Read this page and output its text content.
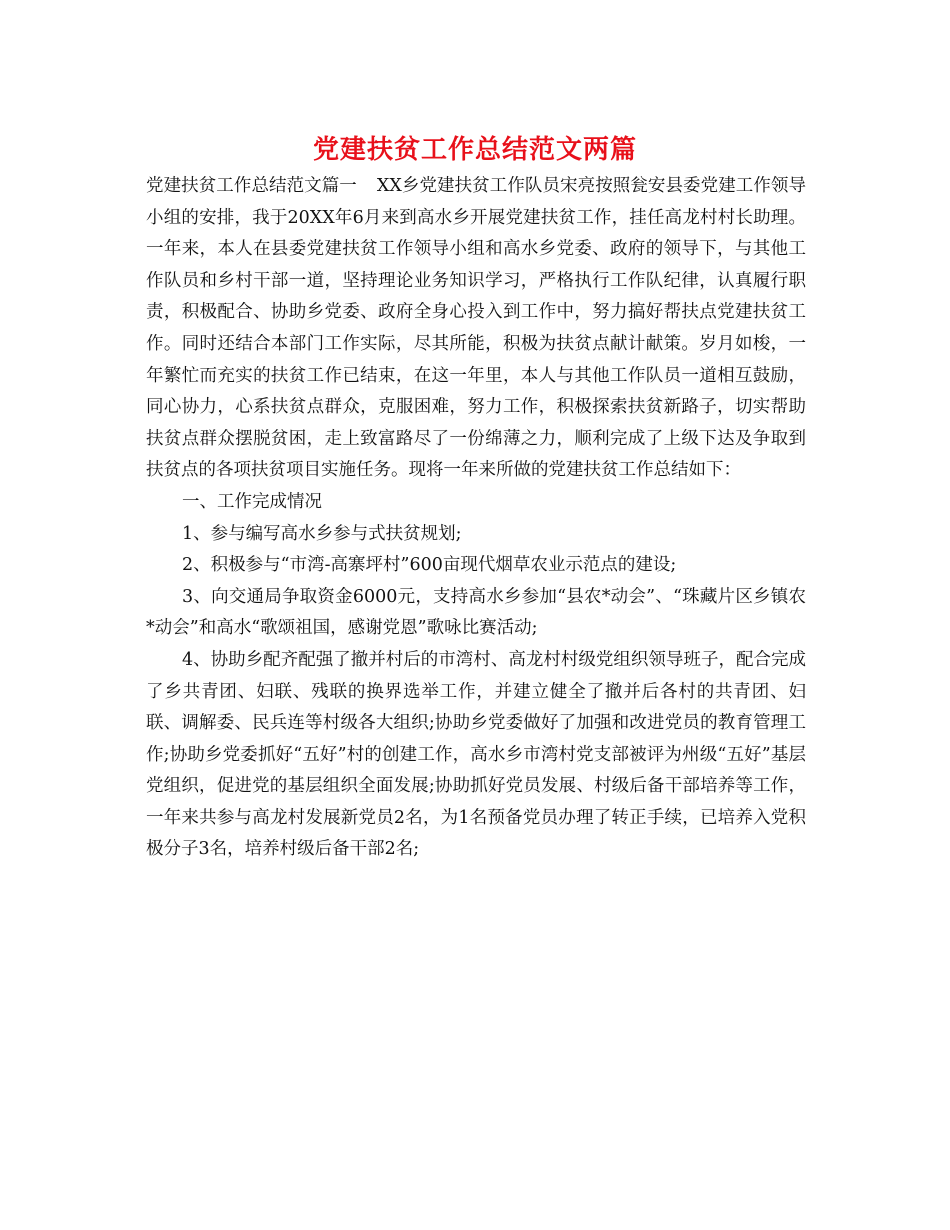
党建扶贫工作总结范文两篇

党建扶贫工作总结范文篇一 XX乡党建扶贫工作队员宋亮按照瓮安县委党建工作领导小组的安排，我于20XX年6月来到高水乡开展党建扶贫工作，挂任高龙村村长助理。一年来，本人在县委党建扶贫工作领导小组和高水乡党委、政府的领导下，与其他工作队员和乡村干部一道，坚持理论业务知识学习，严格执行工作队纪律，认真履行职责，积极配合、协助乡党委、政府全身心投入到工作中，努力搞好帮扶点党建扶贫工作。同时还结合本部门工作实际，尽其所能，积极为扶贫点献计献策。岁月如梭，一年繁忙而充实的扶贫工作已结束，在这一年里，本人与其他工作队员一道相互鼓励，同心协力，心系扶贫点群众，克服困难，努力工作，积极探索扶贫新路子，切实帮助扶贫点群众摆脱贫困，走上致富路尽了一份绵薄之力，顺利完成了上级下达及争取到扶贫点的各项扶贫项目实施任务。现将一年来所做的党建扶贫工作总结如下：

一、工作完成情况

1、参与编写高水乡参与式扶贫规划;

2、积极参与“市湾-高寨坪村”600亩现代烟草农业示范点的建设;

3、向交通局争取资金6000元，支持高水乡参加“县农*动会”、“珠藏片区乡镇农*动会”和高水“歌颂祖国，感谢党恩”歌咏比赛活动;

4、协助乡配齐配强了撤并村后的市湾村、高龙村村级党组织领导班子，配合完成了乡共青团、妇联、残联的换界选举工作，并建立健全了撤并后各村的共青团、妇联、调解委、民兵连等村级各大组织;协助乡党委做好了加强和改进党员的教育管理工作;协助乡党委抓好“五好”村的创建工作，高水乡市湾村党支部被评为州级“五好”基层党组织，促进党的基层组织全面发展;协助抓好党员发展、村级后备干部培养等工作，一年来共参与高龙村发展新党员2名，为1名预备党员办理了转正手续，已培养入党积极分子3名，培养村级后备干部2名;
